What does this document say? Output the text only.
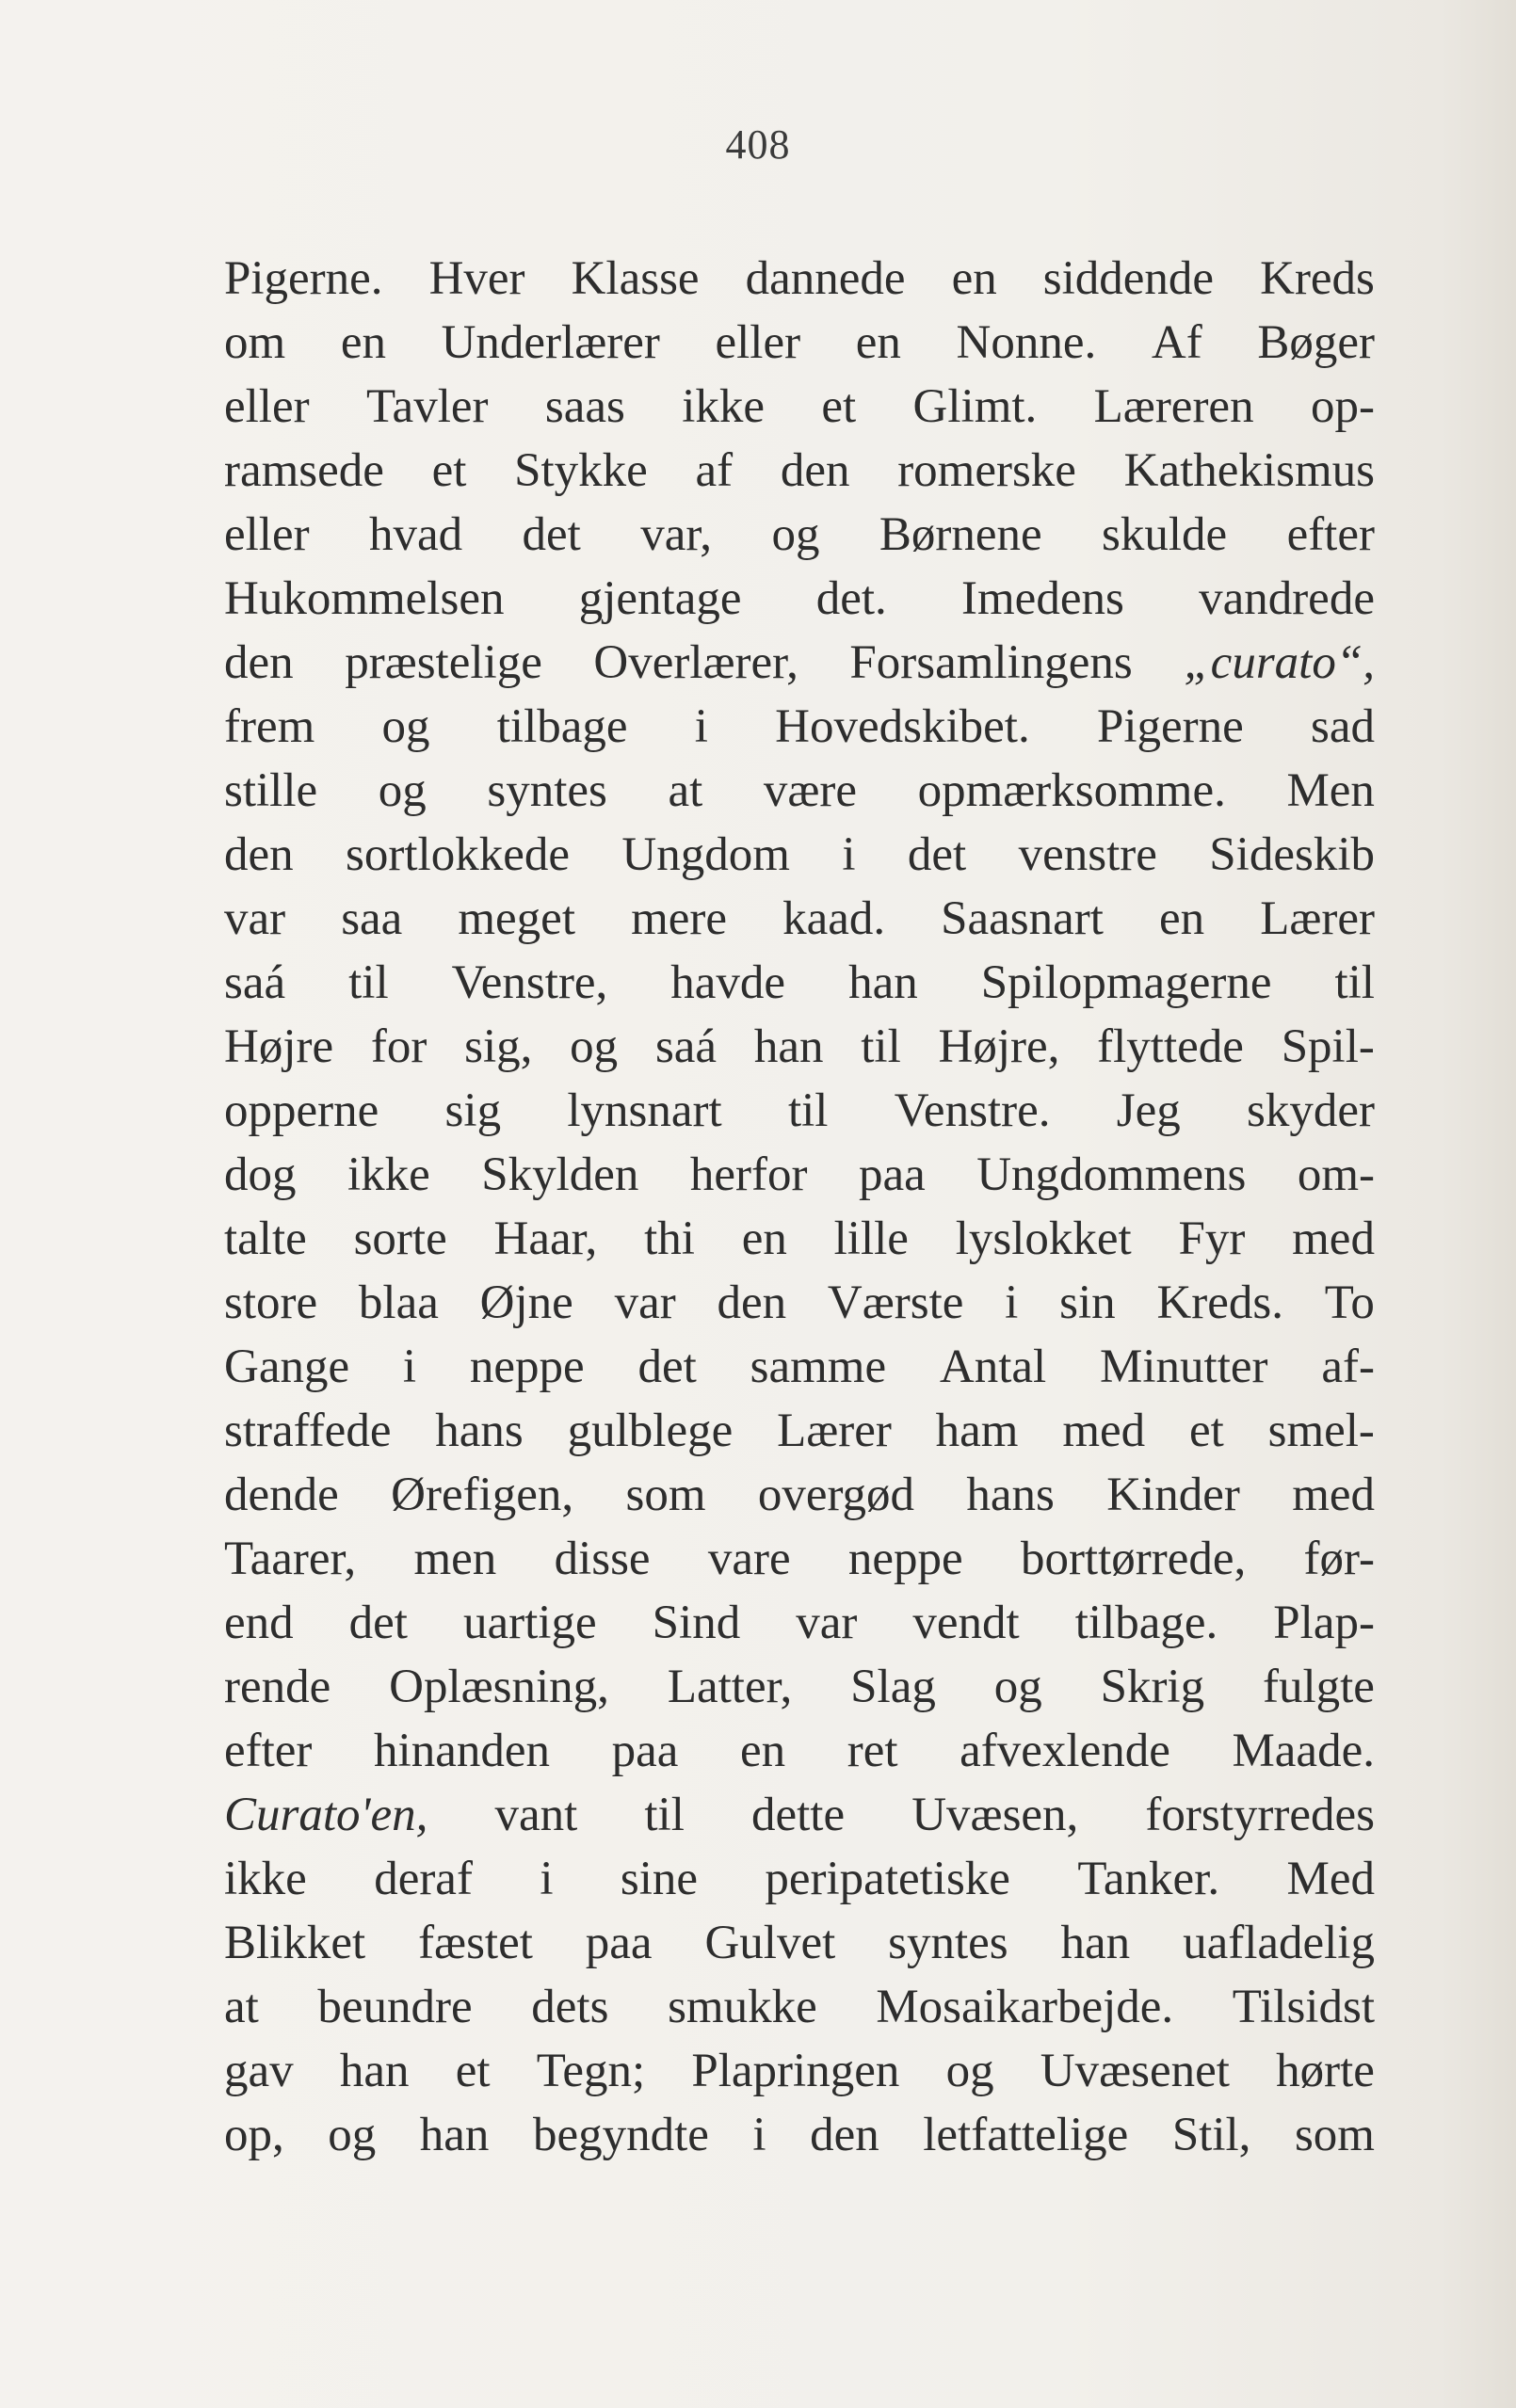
408
Pigerne. Hver Klasse dannede en siddende Kreds
om en Underlærer eller en Nonne. Af Bøger
eller Tavler saas ikke et Glimt. Læreren op-
ramsede et Stykke af den romerske Kathekismus
eller hvad det var, og Børnene skulde efter
Hukommelsen gjentage det. Imedens vandrede
den præstelige Overlærer, Forsamlingens „curato“,
frem og tilbage i Hovedskibet. Pigerne sad
stille og syntes at være opmærksomme. Men
den sortlokkede Ungdom i det venstre Sideskib
var saa meget mere kaad. Saasnart en Lærer
saá til Venstre, havde han Spilopmagerne til
Højre for sig, og saá han til Højre, flyttede Spil-
opperne sig lynsnart til Venstre. Jeg skyder
dog ikke Skylden herfor paa Ungdommens om-
talte sorte Haar, thi en lille lyslokket Fyr med
store blaa Øjne var den Værste i sin Kreds. To
Gange i neppe det samme Antal Minutter af-
straffede hans gulblege Lærer ham med et smel-
dende Ørefigen, som overgød hans Kinder med
Taarer, men disse vare neppe borttørrede, før-
end det uartige Sind var vendt tilbage. Plap-
rende Oplæsning, Latter, Slag og Skrig fulgte
efter hinanden paa en ret afvexlende Maade.
Curato'en, vant til dette Uvæsen, forstyrredes
ikke deraf i sine peripatetiske Tanker. Med
Blikket fæstet paa Gulvet syntes han uafladelig
at beundre dets smukke Mosaikarbejde. Tilsidst
gav han et Tegn; Plapringen og Uvæsenet hørte
op, og han begyndte i den letfattelige Stil, som
